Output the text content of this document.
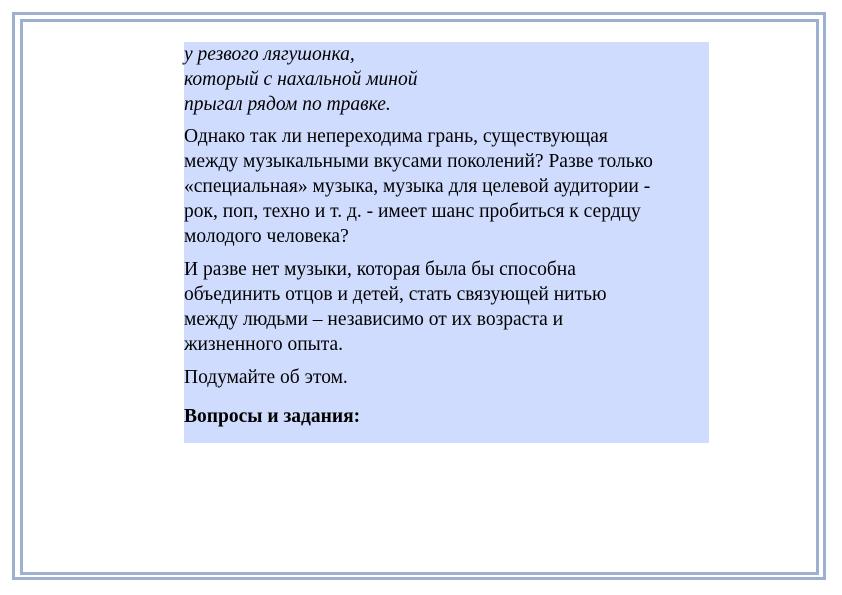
у резвого лягушонка,
который с нахальной миной
прыгал рядом по травке.
Однако так ли непереходима грань, существующая
между музыкальными вкусами поколений? Разве только
«специальная» музыка, музыка для целевой аудитории -
рок, поп, техно и т. д. - имеет шанс пробиться к сердцу
молодого человека?
И разве нет музыки, которая была бы способна
объединить отцов и детей, стать связующей нитью
между людьми – независимо от их возраста и
жизненного опыта.
Подумайте об этом.
Вопросы и задания:
